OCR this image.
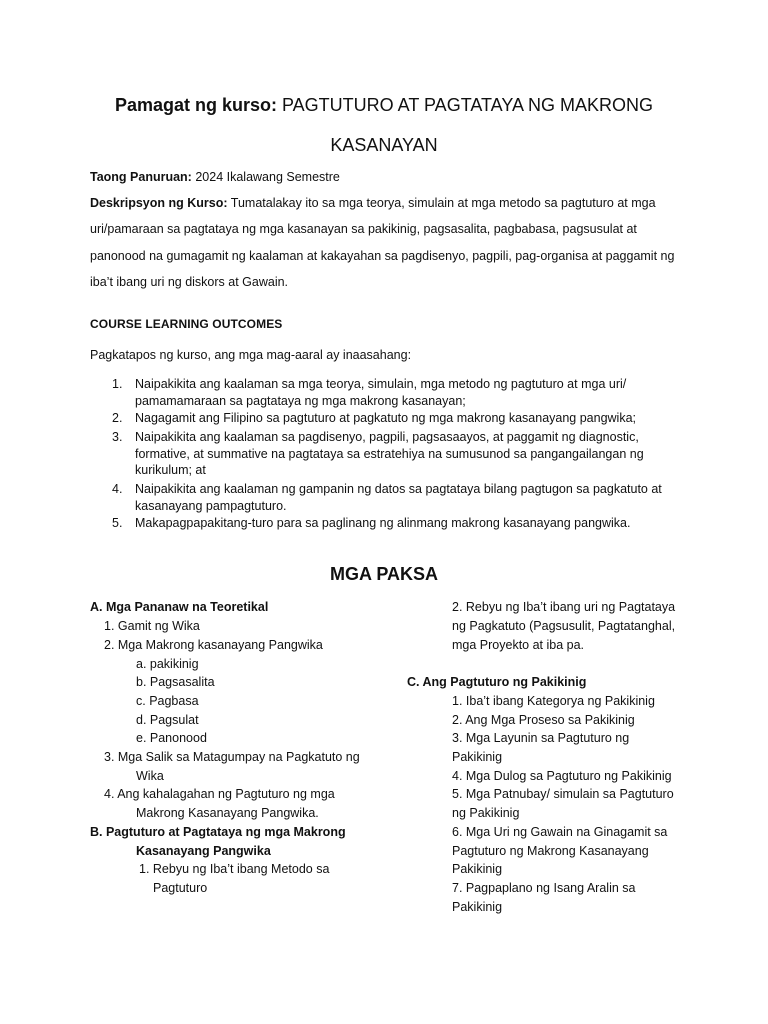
Pamagat ng kurso: PAGTUTURO AT PAGTATAYA NG MAKRONG
KASANAYAN
Taong Panuruan: 2024 Ikalawang Semestre
Deskripsyon ng Kurso: Tumatalakay ito sa mga teorya, simulain at mga metodo sa pagtuturo at mga
uri/pamaraan sa pagtataya ng mga kasanayan sa pakikinig, pagsasalita, pagbabasa, pagsusulat at
panonood na gumagamit ng kaalaman at kakayahan sa pagdisenyo, pagpili, pag-organisa at paggamit ng
iba’t ibang uri ng diskors at Gawain.
COURSE LEARNING OUTCOMES
Pagkatapos ng kurso, ang mga mag-aaral ay inaasahang:
1. Naipakikita ang kaalaman sa mga teorya, simulain, mga metodo ng pagtuturo at mga uri/ pamamamaraan sa pagtataya ng mga makrong kasanayan;
2. Nagagamit ang Filipino sa pagtuturo at pagkatuto ng mga makrong kasanayang pangwika;
3. Naipakikita ang kaalaman sa pagdisenyo, pagpili, pagsasaayos, at paggamit ng diagnostic, formative, at summative na pagtataya sa estratehiya na sumusunod sa pangangailangan ng kurikulum; at
4. Naipakikita ang kaalaman ng gampanin ng datos sa pagtataya bilang pagtugon sa pagkatuto at kasanayang pampagtuturo.
5. Makapagpapakitang-turo para sa paglinang ng alinmang makrong kasanayang pangwika.
MGA PAKSA
A. Mga Pananaw na Teoretikal
1. Gamit ng Wika
2. Mga Makrong kasanayang Pangwika
a. pakikinig
b. Pagsasalita
c. Pagbasa
d. Pagsulat
e. Panonood
3. Mga Salik sa Matagumpay na Pagkatuto ng
Wika
4. Ang kahalagahan ng Pagtuturo ng mga
Makrong Kasanayang Pangwika.
B. Pagtuturo at Pagtataya ng mga Makrong
Kasanayang Pangwika
1. Rebyu ng Iba’t ibang Metodo sa
Pagtuturo
2. Rebyu ng Iba’t ibang uri ng Pagtataya
ng Pagkatuto (Pagsusulit, Pagtatanghal,
mga Proyekto at iba pa.
C. Ang Pagtuturo ng Pakikinig
1. Iba’t ibang Kategorya ng Pakikinig
2. Ang Mga Proseso sa Pakikinig
3. Mga Layunin sa Pagtuturo ng
Pakikinig
4. Mga Dulog sa Pagtuturo ng Pakikinig
5. Mga Patnubay/ simulain sa Pagtuturo
ng Pakikinig
6. Mga Uri ng Gawain na Ginagamit sa
Pagtuturo ng Makrong Kasanayang
Pakikinig
7. Pagpaplano ng Isang Aralin sa
Pakikinig
